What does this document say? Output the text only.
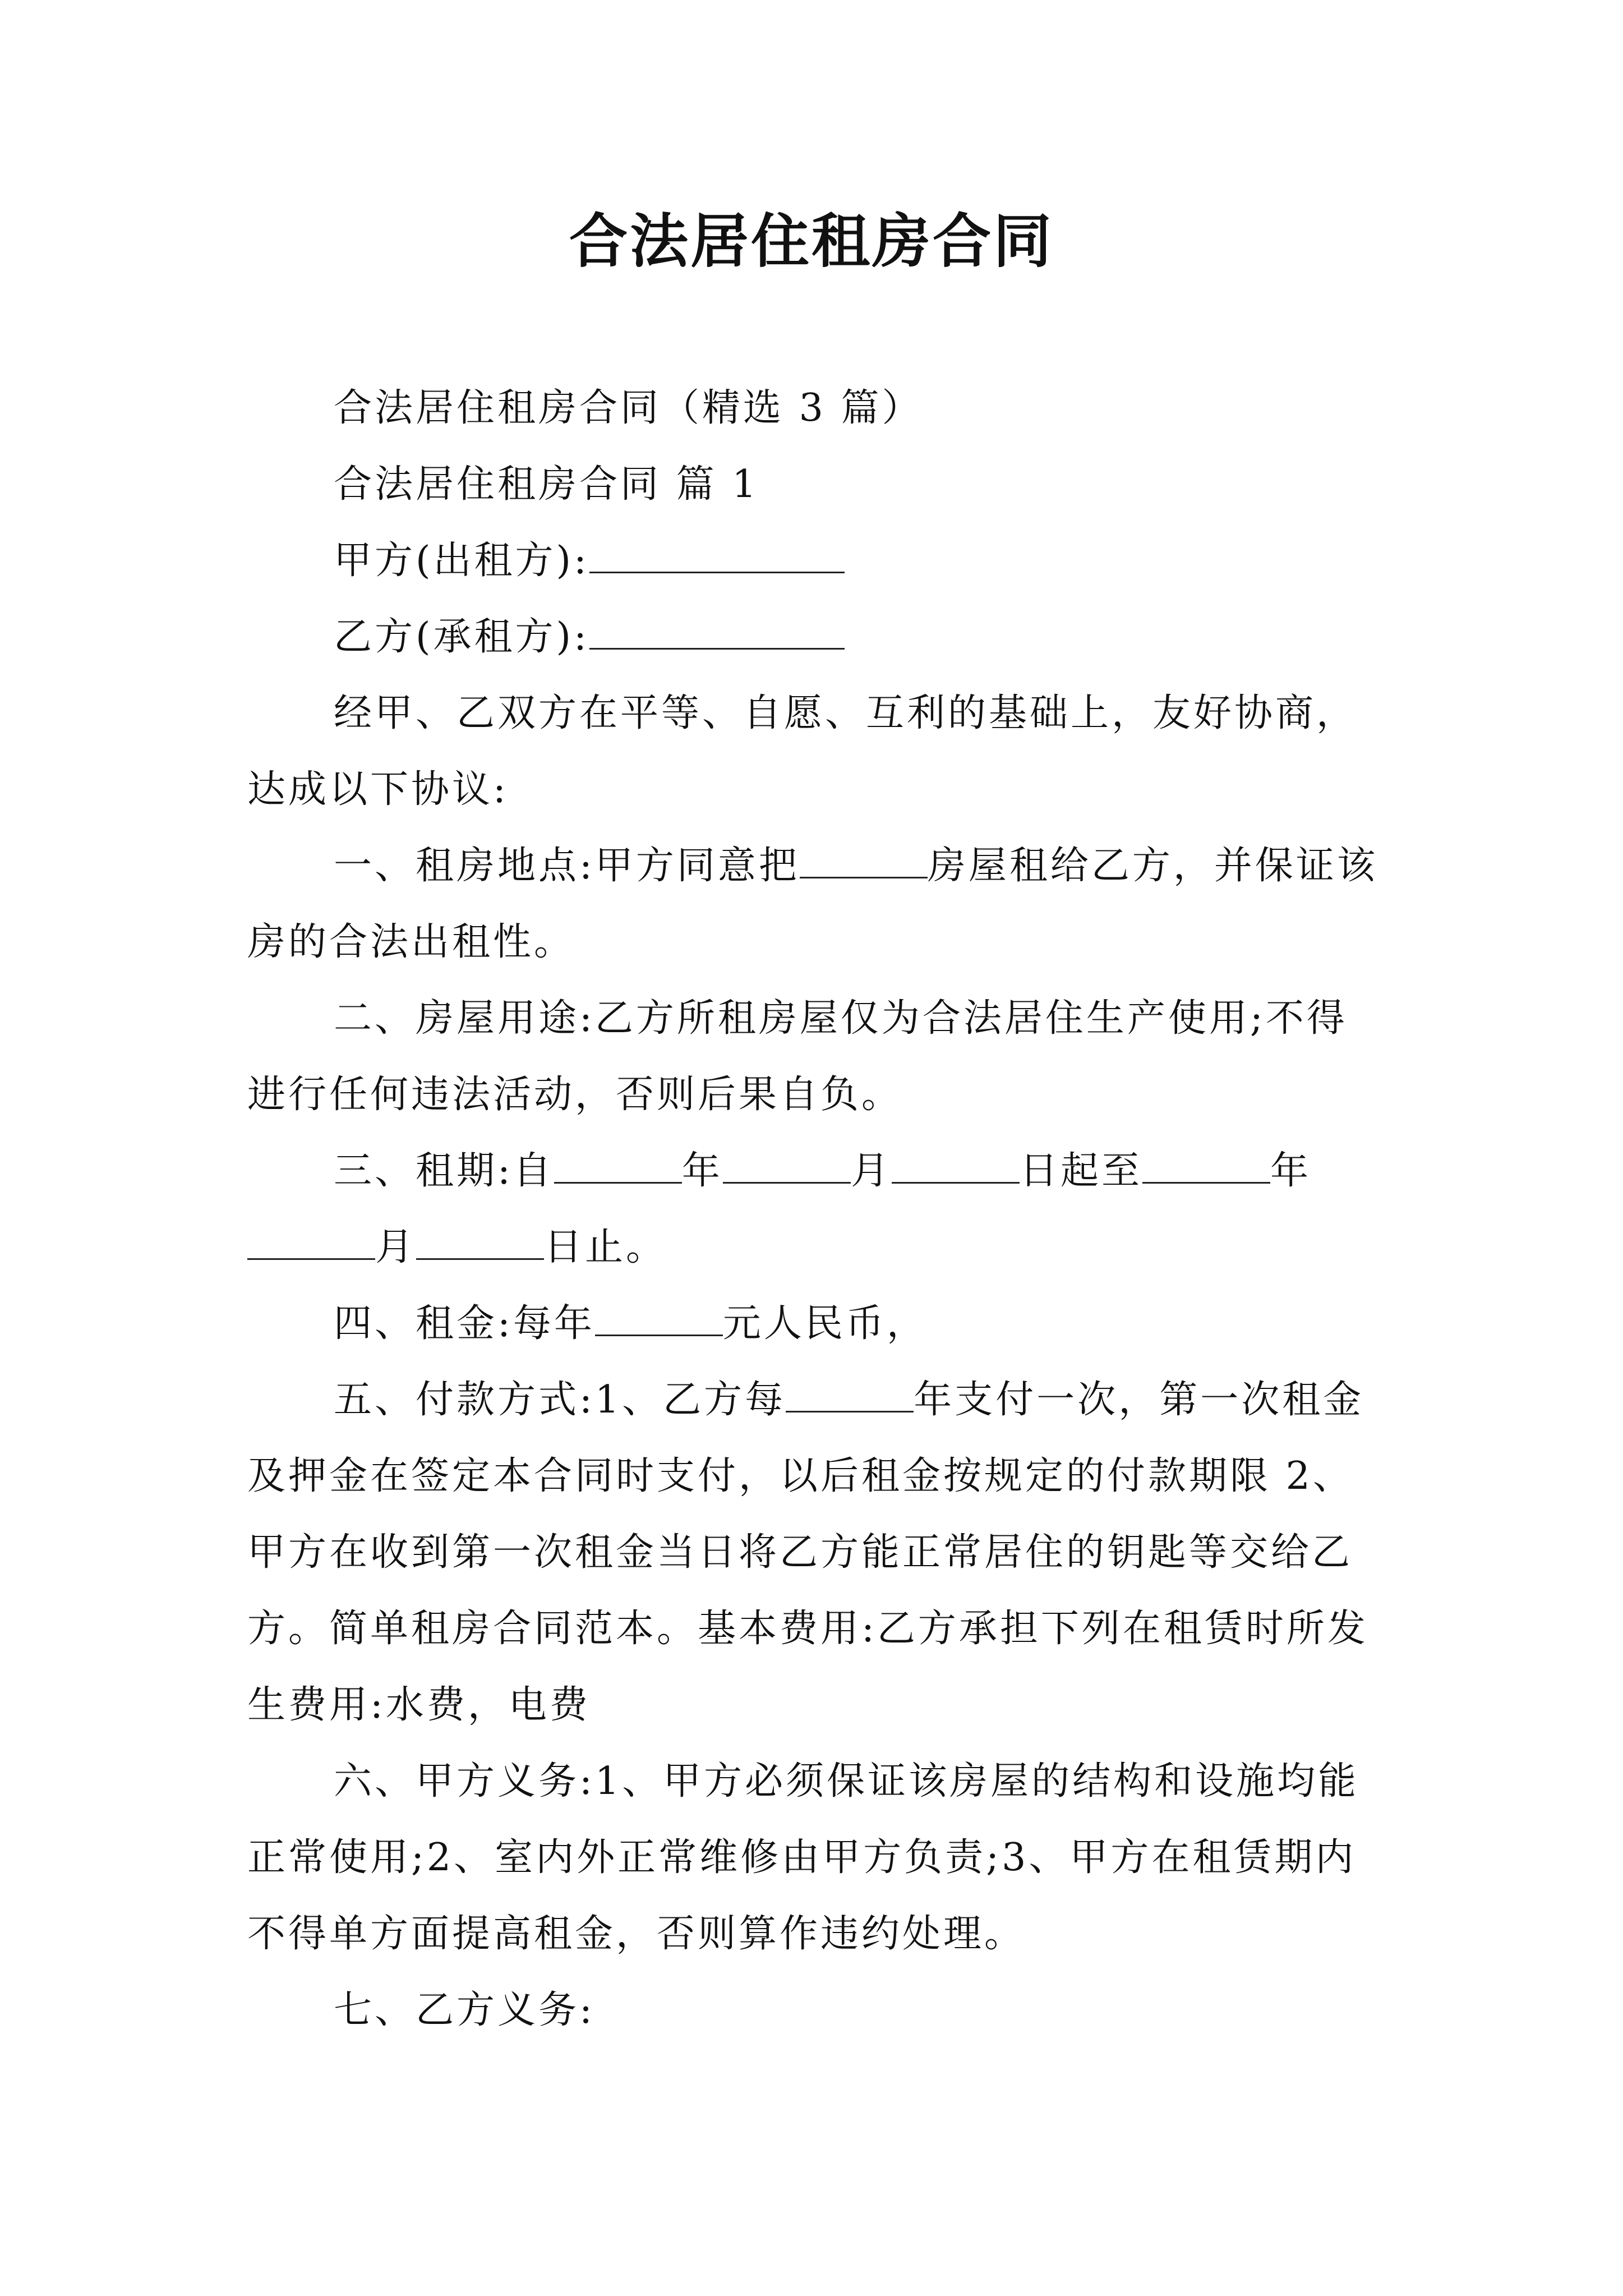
合法居住租房合同

合法居住租房合同（精选 3 篇）

合法居住租房合同 篇 1

甲方(出租方):

乙方(承租方):

经甲、乙双方在平等、自愿、互利的基础上，友好协商，达成以下协议:

一、租房地点:甲方同意把	房屋租给乙方，并保证该房的合法出租性。

二、房屋用途:乙方所租房屋仅为合法居住生产使用;不得进行任何违法活动，否则后果自负。

三、租期:自	年	月	日起至	年月	日止。

四、租金:每年	元人民币，

五、付款方式:1、乙方每	年支付一次，第一次租金及押金在签定本合同时支付，以后租金按规定的付款期限 2、甲方在收到第一次租金当日将乙方能正常居住的钥匙等交给乙方。简单租房合同范本。基本费用:乙方承担下列在租赁时所发生费用:水费，电费

六、甲方义务:1、甲方必须保证该房屋的结构和设施均能正常使用;2、室内外正常维修由甲方负责;3、甲方在租赁期内不得单方面提高租金，否则算作违约处理。

七、乙方义务:
